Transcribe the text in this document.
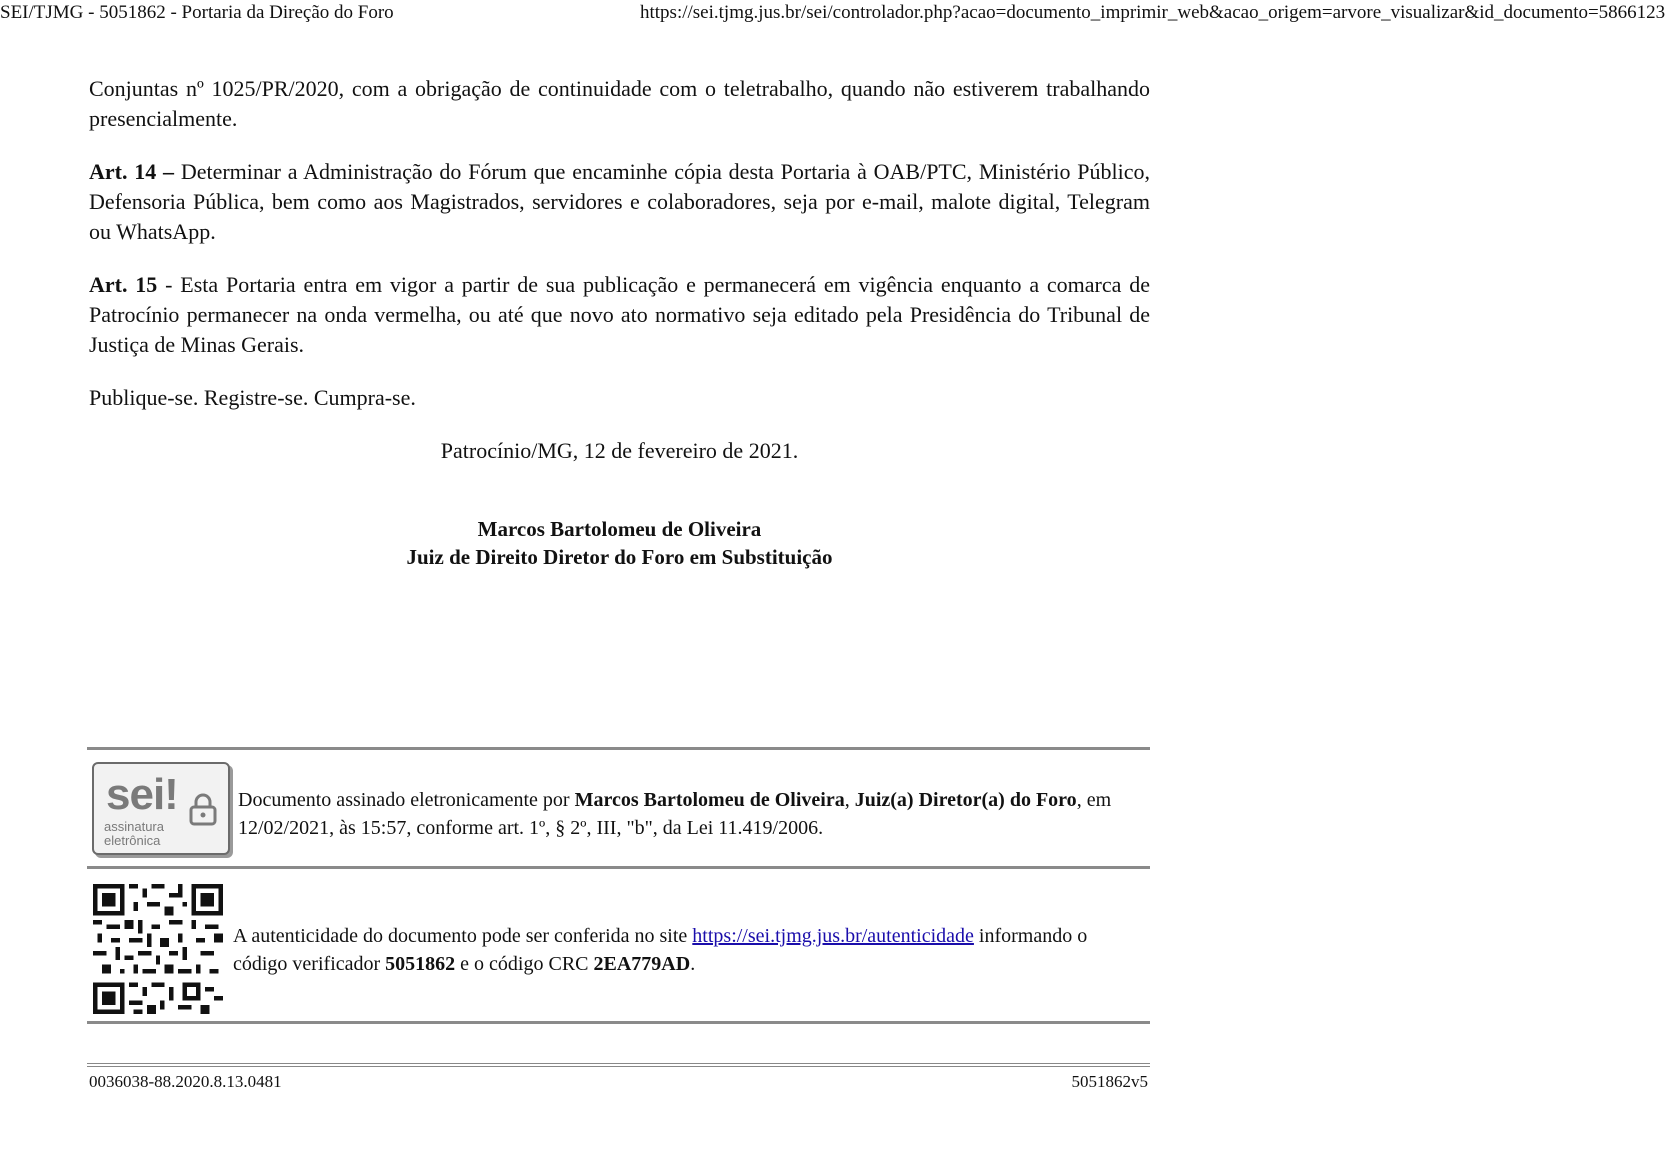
SEI/TJMG - 5051862 - Portaria da Direção do Foro	https://sei.tjmg.jus.br/sei/controlador.php?acao=documento_imprimir_web&acao_origem=arvore_visualizar&id_documento=5866123

Conjuntas nº 1025/PR/2020, com a obrigação de continuidade com o teletrabalho, quando não estiverem trabalhando presencialmente.

Art. 14 – Determinar a Administração do Fórum que encaminhe cópia desta Portaria à OAB/PTC, Ministério Público, Defensoria Pública, bem como aos Magistrados, servidores e colaboradores, seja por e-mail, malote digital, Telegram ou WhatsApp.

Art. 15 - Esta Portaria entra em vigor a partir de sua publicação e permanecerá em vigência enquanto a comarca de Patrocínio permanecer na onda vermelha, ou até que novo ato normativo seja editado pela Presidência do Tribunal de Justiça de Minas Gerais.

Publique-se. Registre-se. Cumpra-se.

Patrocínio/MG, 12 de fevereiro de 2021.

Marcos Bartolomeu de Oliveira

Juiz de Direito Diretor do Foro em Substituição

sei!
assinatura
eletrônica
Documento assinado eletronicamente por Marcos Bartolomeu de Oliveira, Juiz(a) Diretor(a) do Foro, em 12/02/2021, às 15:57, conforme art. 1º, § 2º, III, "b", da Lei 11.419/2006.
A autenticidade do documento pode ser conferida no site https://sei.tjmg.jus.br/autenticidade informando o código verificador 5051862 e o código CRC 2EA779AD.
0036038-88.2020.8.13.0481	5051862v5
